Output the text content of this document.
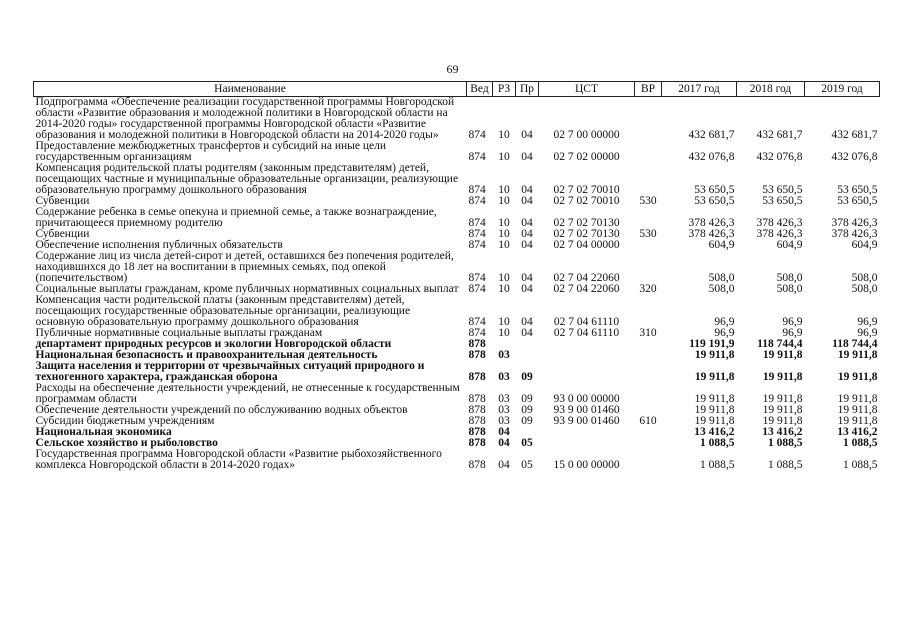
69
Наименование	Вед	РЗ	Пр	ЦСТ	ВР	2017 год	2018 год	2019 год
Подпрограмма «Обеспечение реализации государственной программы Новгородской области «Развитие образования и молодежной политики в Новгородской области на 2014-2020 годы» государственной программы Новгородской области «Развитие образования и молодежной политики в Новгородской области на 2014-2020 годы»	874	10	04	02 7 00 00000		432 681,7	432 681,7	432 681,7
Предоставление межбюджетных трансфертов и субсидий на иные цели государственным организациям	874	10	04	02 7 02 00000		432 076,8	432 076,8	432 076,8
Компенсация родительской платы родителям (законным представителям) детей, посещающих частные и муниципальные образовательные организации, реализующие образовательную программу дошкольного образования	874	10	04	02 7 02 70010		53 650,5	53 650,5	53 650,5
Субвенции	874	10	04	02 7 02 70010	530	53 650,5	53 650,5	53 650,5
Содержание ребенка в семье опекуна и приемной семье, а также вознаграждение, причитающееся приемному родителю	874	10	04	02 7 02 70130		378 426,3	378 426,3	378 426,3
Субвенции	874	10	04	02 7 02 70130	530	378 426,3	378 426,3	378 426,3
Обеспечение исполнения публичных обязательств	874	10	04	02 7 04 00000		604,9	604,9	604,9
Содержание лиц из числа детей-сирот и детей, оставшихся без попечения родителей, находившихся до 18 лет на воспитании в приемных семьях, под опекой (попечительством)	874	10	04	02 7 04 22060		508,0	508,0	508,0
Социальные выплаты гражданам, кроме публичных нормативных социальных выплат	874	10	04	02 7 04 22060	320	508,0	508,0	508,0
Компенсация части родительской платы (законным представителям) детей, посещающих государственные образовательные организации, реализующие основную образовательную программу дошкольного образования	874	10	04	02 7 04 61110		96,9	96,9	96,9
Публичные нормативные социальные выплаты гражданам	874	10	04	02 7 04 61110	310	96,9	96,9	96,9
департамент природных ресурсов и экологии Новгородской области	878					119 191,9	118 744,4	118 744,4
Национальная безопасность и правоохранительная деятельность	878	03				19 911,8	19 911,8	19 911,8
Защита населения и территории от чрезвычайных ситуаций природного и техногенного характера, гражданская оборона	878	03	09			19 911,8	19 911,8	19 911,8
Расходы на обеспечение деятельности учреждений, не отнесенные к государственным программам области	878	03	09	93 0 00 00000		19 911,8	19 911,8	19 911,8
Обеспечение деятельности учреждений по обслуживанию водных объектов	878	03	09	93 9 00 01460		19 911,8	19 911,8	19 911,8
Субсидии бюджетным учреждениям	878	03	09	93 9 00 01460	610	19 911,8	19 911,8	19 911,8
Национальная экономика	878	04				13 416,2	13 416,2	13 416,2
Сельское хозяйство и рыболовство	878	04	05			1 088,5	1 088,5	1 088,5
Государственная программа Новгородской области «Развитие рыбохозяйственного комплекса Новгородской области в 2014-2020 годах»	878	04	05	15 0 00 00000		1 088,5	1 088,5	1 088,5
